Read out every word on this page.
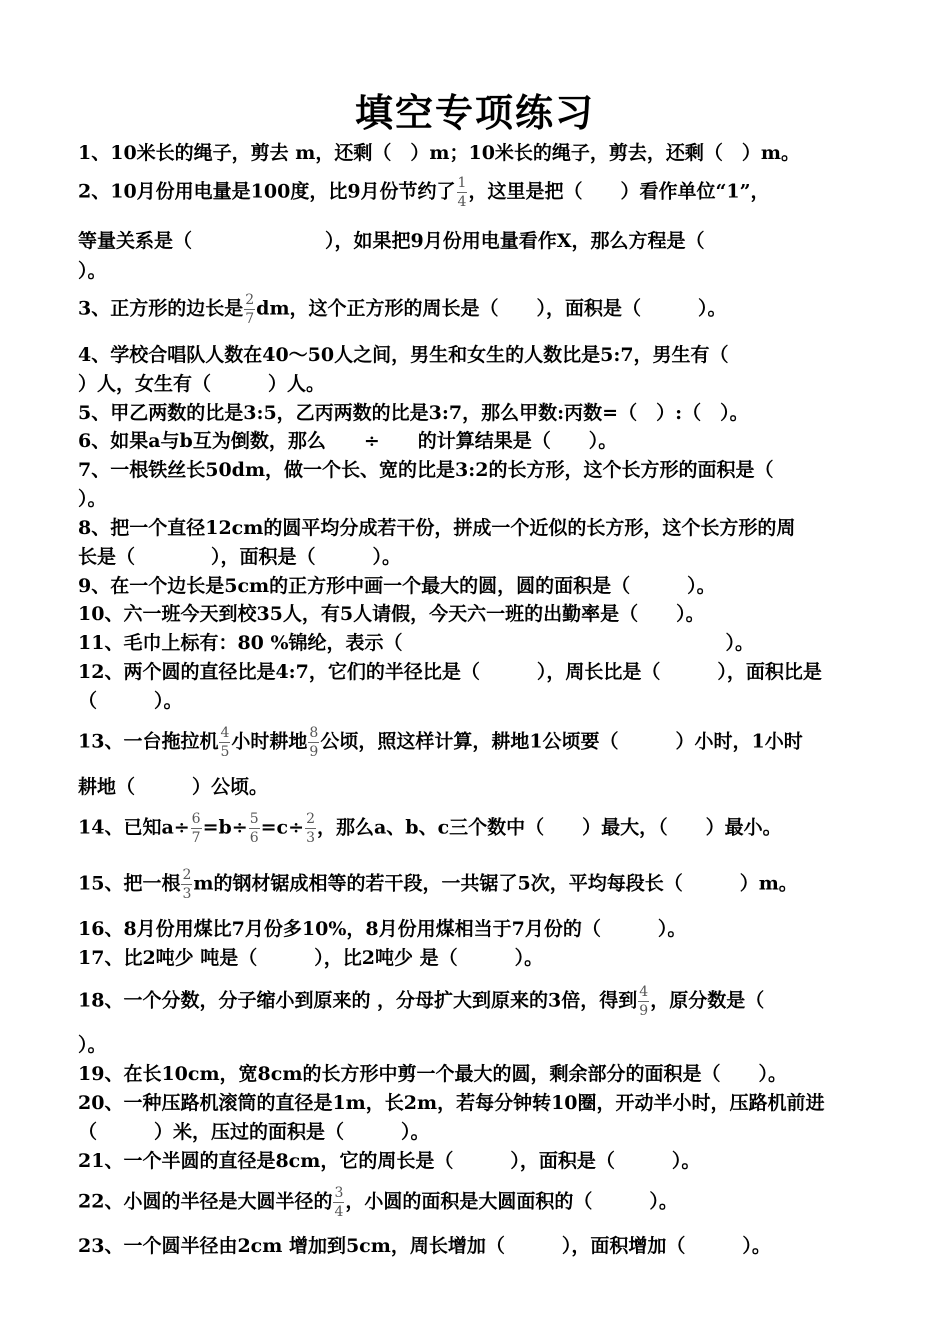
填空专项练习
1、10米长的绳子，剪去 m，还剩（　）m；10米长的绳子，剪去，还剩（　）m。
2、10月份用电量是100度，比9月份节约了 $\frac{1}{4}$ ，这里是把（　　）看作单位“1”，
等量关系是（　　　　　　　），如果把9月份用电量看作X，那么方程是（
）。
3、正方形的边长是 $\frac{2}{7}$ dm，这个正方形的周长是（　　），面积是（　　　）。
4、学校合唱队人数在40～50人之间，男生和女生的人数比是5:7，男生有（
）人，女生有（　　　）人。
5、甲乙两数的比是3:5，乙丙两数的比是3:7，那么甲数:丙数=（　）:（　）。
6、如果a与b互为倒数，那么　　÷　　的计算结果是（　　）。
7、一根铁丝长50dm，做一个长、宽的比是3:2的长方形，这个长方形的面积是（
）。
8、把一个直径12cm的圆平均分成若干份，拼成一个近似的长方形，这个长方形的周
长是（　　　　），面积是（　　　）。
9、在一个边长是5cm的正方形中画一个最大的圆，圆的面积是（　　　）。
10、六一班今天到校35人，有5人请假，今天六一班的出勤率是（　　）。
11、毛巾上标有：80 %锦纶，表示（　　　　　　　　　　　　　　　　　）。
12、两个圆的直径比是4:7，它们的半径比是（　　　），周长比是（　　　），面积比是
（　　　）。
13、一台拖拉机 $\frac{4}{5}$ 小时耕地 $\frac{8}{9}$ 公顷，照这样计算，耕地1公顷要（　　　）小时，1小时
耕地（　　　）公顷。
14、已知$a\div \frac{6}{7} =b\div \frac{5}{6} =c\div \frac{2}{3}$ ，那么a、b、c三个数中（　　）最大，（　　）最小。
15、把一根 $\frac{2}{3}$ m的钢材锯成相等的若干段，一共锯了5次，平均每段长（　　　）m。
16、8月份用煤比7月份多10%，8月份用煤相当于7月份的（　　　）。
17、比2吨少 吨是（　　　），比2吨少 是（　　　）。
18、一个分数，分子缩小到原来的 ，分母扩大到原来的3倍，得到 $\frac{4}{9}$ ，原分数是（
）。
19、在长10cm，宽8cm的长方形中剪一个最大的圆，剩余部分的面积是（　　）。
20、一种压路机滚筒的直径是1m，长2m，若每分钟转10圈，开动半小时，压路机前进
（　　　）米，压过的面积是（　　　）。
21、一个半圆的直径是8cm，它的周长是（　　　），面积是（　　　）。
22、小圆的半径是大圆半径的 $\frac{3}{4}$ ，小圆的面积是大圆面积的（　　　）。
23、一个圆半径由2cm 增加到5cm，周长增加（　　　），面积增加（　　　）。
